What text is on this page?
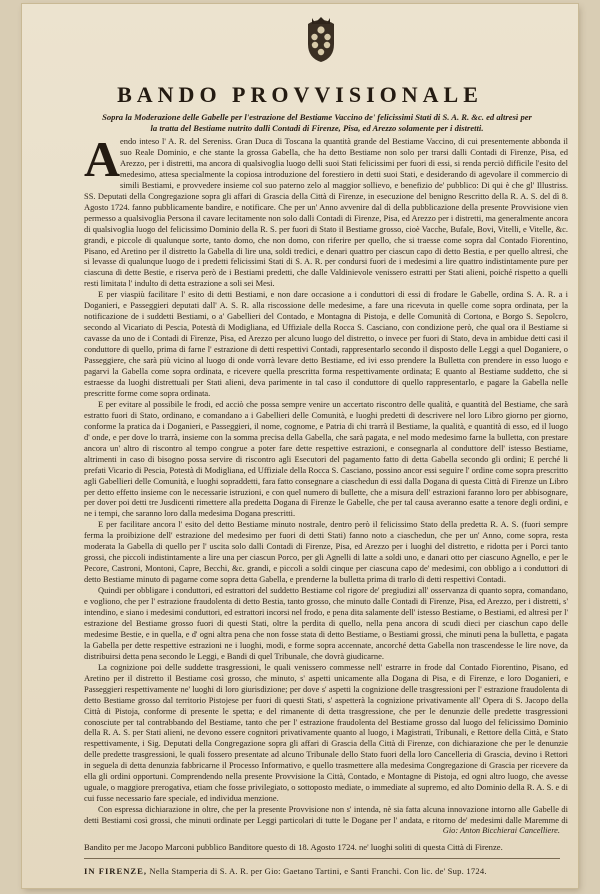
BANDO PROVVISIONALE
Sopra la Moderazione delle Gabelle per l'estrazione del Bestiame Vaccino de' felicissimi Stati di S. A. R. &c. ed altresì per la tratta del Bestiame nutrito dalli Contadi di Firenze, Pisa, ed Arezzo solamente per i distretti.
A endo inteso l' A. R. del Sereniss. Gran Duca di Toscana la quantità grande del Bestiame Vaccino, di cui presentemente abbonda il suo Reale Dominio, e che stante la grossa Gabella, che ha detto Bestiame non solo per trarsi dalli Contadi di Firenze, Pisa, ed Arezzo, per i distretti, ma ancora di qualsivoglia luogo delli suoi Stati felicissimi per fuori di essi, si renda perciò difficile l'esito del medesimo, attesa specialmente la copiosa introduzione del forestiero in detti suoi Stati, e desiderando di agevolare il commercio di simili Bestiami, e provvedere insieme col suo paterno zelo al maggior sollievo, e benefizio de' pubblico: Di qui è che gl' Illustriss. SS. Deputati della Congregazione sopra gli affari di Grascia della Città di Firenze, in esecuzione del benigno Rescritto della R. A. S. del dì 8. Agosto 1724. fanno pubblicamente bandire, e notificare. Che per un' Anno avvenire dal dì della pubblicazione della presente Provvisione vien permesso a qualsivoglia Persona il cavare lecitamente non solo dalli Contadi di Firenze, Pisa, ed Arezzo per i distretti, ma generalmente ancora di qualsivoglia luogo del felicissimo Dominio della R. S. per fuori di Stato il Bestiame grosso, cioè Vacche, Bufale, Bovi, Vitelli, e Vitelle, &c. grandi, e piccole di qualunque sorte, tanto domo, che non domo, con riferire per quello, che si traesse come sopra dal Contado Fiorentino, Pisano, ed Aretino per il distretto la Gabella di lire una, soldi tredici, e denari quattro per ciascun capo di detto Bestia, e per quello altresì, che si levasse di qualunque luogo de i predetti felicissimi Stati di S. A. R. per condursi fuori de i medesimi a lire quattro indistintamente pure per ciascuna di dette Bestie, e riserva però de i Bestiami predetti, che dalle Valdinievole venissero estratti per Stati alieni, poiché rispetto a quelli resti limitata l' indulto di detta estrazione a soli sei Mesi.

E per viaspiù facilitare l' esito di detti Bestiami, e non dare occasione a i conduttori di essi di frodare le Gabelle, ordina S. A. R. a i Doganieri, e Passeggieri deputati dall' A. S. R. alla riscossione delle medesime, a fare una ricevuta in quelle come sopra ordinata, per la notificazione de i suddetti Bestiami, o a' Gabellieri del Contado, e Montagna di Pistoja, e delle Comunità di Cortona, e Borgo S. Sepolcro, secondo al Vicariato di Pescia, Potestà di Modigliana, ed Uffiziale della Rocca S. Casciano, con condizione però, che qual ora il Bestiame si cavasse da uno de i Contadi di Firenze, Pisa, ed Arezzo per alcuno luogo del distretto, o invece per fuori di Stato, deva in ambidue detti casi il conduttore di quello, prima di farne l' estrazione di detti respettivi Contadi, rappresentarlo secondo il disposto delle Leggi a quel Doganiere, o Passeggiere, che sarà più vicino al luogo di onde vorrà levare detto Bestiame, ed ivi esso prendere la Bulletta con prendere in esso luogo e pagarvi la Gabella come sopra ordinata, e ricevere quella prescritta forma respettivamente ordinata; E quanto al Bestiame suddetto, che si estraesse da luoghi distrettuali per Stati alieni, deva parimente in tal caso il conduttore di quello rappresentarlo, e pagare la Gabella nelle prescritte forme come sopra ordinata.

E per evitare al possibile le frodi, ed acciò che possa sempre venire un accertato riscontro delle qualità, e quantità del Bestiame, che sarà estratto fuori di Stato, ordinano, e comandano a i Gabellieri delle Comunità, e luoghi predetti di descrivere nel loro Libro giorno per giorno, conforme la pratica da i Doganieri, e Passeggieri, il nome, cognome, e Patria di chi trarrà il Bestiame, la qualità, e quantità di esso, ed il luogo d' onde, e per dove lo trarrà, insieme con la somma precisa della Gabella, che sarà pagata, e nel modo medesimo farne la bulletta, con prestare ancora un' altro di riscontro al tempo congrue a poter fare dette respettive estrazioni, e consegnarla al conduttore dell' istesso Bestiame, altrimenti in caso di bisogno possa servire di riscontro agli Esecutori del pagamento fatto di detta Gabella secondo gli ordini; E perché li prefati Vicario di Pescia, Potestà di Modigliana, ed Uffiziale della Rocca S. Casciano, possino ancor essi seguire l' ordine come sopra prescritto agli Gabellieri delle Comunità, e luoghi sopraddetti, fara fatto consegnare a ciaschedun di essi dalla Dogana di questa Città di Firenze un Libro per detto effetto insieme con le necessarie istruzioni, e con quel numero di bullette, che a misura dell' estrazioni faranno loro per abbisognare, per dover poi detti tre Jusdicenti rimettere alla predetta Dogana di Firenze le Gabelle, che per tal causa averanno esatte a tenore degli ordini, e ne i tempi, che saranno loro dalla medesima Dogana prescritti.

E per facilitare ancora l' esito del detto Bestiame minuto nostrale, dentro però il felicissimo Stato della predetta R. A. S. (fuori sempre ferma la proibizione dell' estrazione del medesimo per fuori di detti Stati) fanno noto a ciaschedun, che per un' Anno, come sopra, resta moderata la Gabella di quello per l' uscita solo dalli Contadi di Firenze, Pisa, ed Arezzo per i luoghi del distretto, e ridotta per i Porci tanto grossi, che piccoli indistintamente a lire una per ciascun Porco, per gli Agnelli di latte a soldi uno, e danari otto per ciascuno Agnello, e per le Pecore, Castroni, Montoni, Capre, Becchi, &c. grandi, e piccoli a soldi cinque per ciascuna capo de' medesimi, con obbligo a i conduttori di detto Bestiame minuto di pagarne come sopra detta Gabella, e prenderne la bulletta prima di trarlo di detti respettivi Contadi.

Quindi per obbligare i conduttori, ed estrattori del suddetto Bestiame col rigore de' pregiudizi all' osservanza di quanto sopra, comandano, e vogliono, che per l' estrazione fraudolenta di detto Bestia, tanto grosso, che minuto dalle Contadi di Firenze, Pisa, ed Arezzo, per i distretti, s' intendino, e siano i medesimi conduttori, ed estrattori incorsi nel frodo, e pena dita salamente dell' istesso Bestiame, o Bestiami, ed altresì per l' estrazione del Bestiame grosso fuori di questi Stati, oltre la perdita di quello, nella pena ancora di scudi dieci per ciaschun capo delle medesime Bestie, e in quella, e d' ogni altra pena che non fosse stata di detto Bestiame, o Bestiami grossi, che minuti pena la bulletta, e pagata la Gabella per dette respettive estrazioni ne i luoghi, modi, e forme sopra accennate, ancorché detta Gabella non trascendesse le lire nove, da distribuirsi detta pena secondo le Leggi, e Bandi di quel Tribunale, che dovrà giudicarne.

La cognizione poi delle suddette trasgressioni, le quali venissero commesse nell' estrarre in frode dal Contado Fiorentino, Pisano, ed Aretino per il distretto il Bestiame così grosso, che minuto, s' aspetti unicamente alla Dogana di Pisa, e di Firenze, e loro Doganieri, e Passeggieri respettivamente ne' luoghi di loro giurisdizione; per dove s' aspetti la cognizione delle trasgressioni per l' estrazione fraudolenta di detto Bestiame grosso dal territorio Pistojese per fuori di questi Stati, s' aspetterà la cognizione privativamente all' Opera di S. Jacopo della Città di Pistoja, conforme di presente le spetta; e del rimanente di detta trasgressione, che per le denunzie delle predette trasgressioni conosciute per tal contrabbando del Bestiame, tanto che per l' estrazione fraudolenta del Bestiame grosso dal luogo del felicissimo Dominio della R. A. S. per Stati alieni, ne devono essere cognitori privativamente quanto al luogo, i Magistrati, Tribunali, e Rettore della Città, e Stato respettivamente, i Sig. Deputati della Congregazione sopra gli affari di Grascia della Città di Firenze, con dichiarazione che per le denunzie delle predette trasgressioni, le quali fossero presentate ad alcuno Tribunale dello Stato fuori della loro Cancelleria di Grascia, devino i Rettori in seguela di detta denunzia fabbricarne il Processo Informativo, e quello trasmettere alla medesima Congregazione di Grascia per ricevere da ella gli ordini opportuni. Comprendendo nella presente Provvisione la Città, Contado, e Montagne di Pistoja, ed ogni altro luogo, che avesse uguale, o maggiore prerogativa, etiam che fosse privilegiato, o sottoposto mediate, o immediate al supremo, ed alto Dominio della R. A. S. e di cui fusse necessario fare speciale, ed individua menzione.

Con espressa dichiarazione in oltre, che per la presente Provvisione non s' intenda, nè sia fatta alcuna innovazione intorno alle Gabelle di detti Bestiami così grossi, che minuti ordinate per Leggi particolari di tutte le Dogane per l' andata, e ritorno de' medesimi dalle Maremme di

Gio: Anton Bicchierai Cancelliere.
Bandito per me Jacopo Marconi pubblico Banditore questo di 18. Agosto 1724. ne' luoghi soliti di questa Città di Firenze.
IN FIRENZE, Nella Stamperia di S. A. R. per Gio: Gaetano Tartini, e Santi Franchi. Con lic. de' Sup. 1724.
